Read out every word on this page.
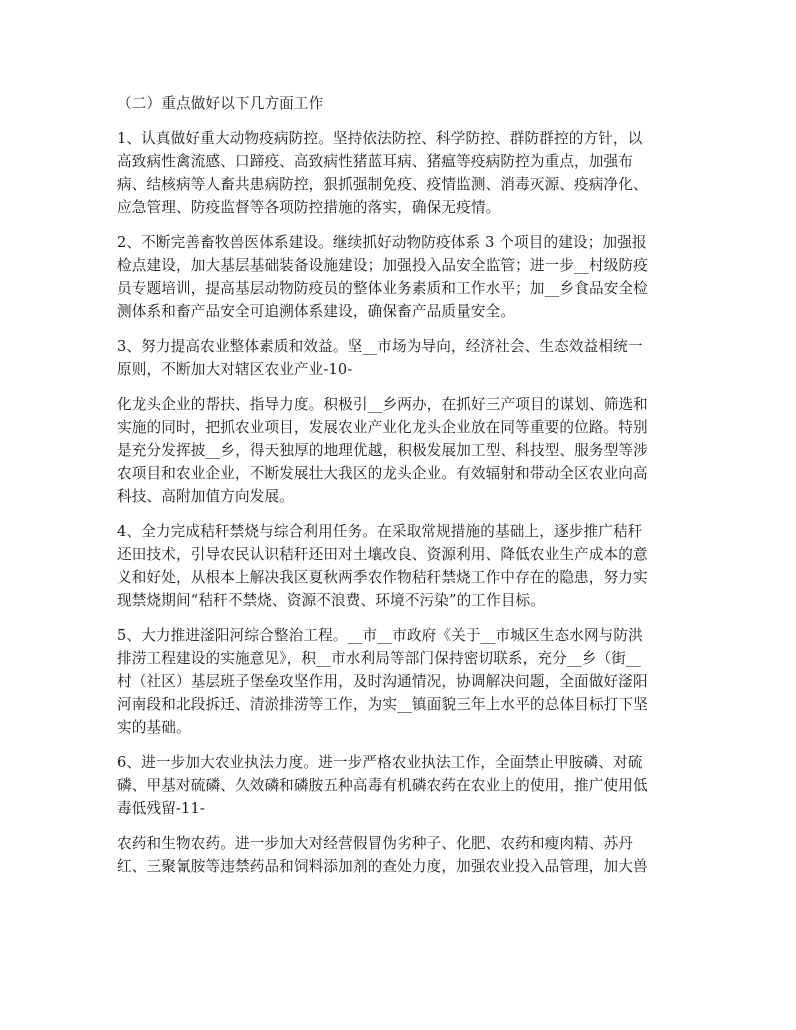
（二）重点做好以下几方面工作
1、认真做好重大动物疫病防控。坚持依法防控、科学防控、群防群控的方针，以
高致病性禽流感、口蹄疫、高致病性猪蓝耳病、猪瘟等疫病防控为重点，加强布
病、结核病等人畜共患病防控，狠抓强制免疫、疫情监测、消毒灭源、疫病净化、
应急管理、防疫监督等各项防控措施的落实，确保无疫情。
2、不断完善畜牧兽医体系建设。继续抓好动物防疫体系 3 个项目的建设；加强报
检点建设，加大基层基础装备设施建设；加强投入品安全监管；进一步__村级防疫
员专题培训，提高基层动物防疫员的整体业务素质和工作水平；加__乡食品安全检
测体系和畜产品安全可追溯体系建设，确保畜产品质量安全。
3、努力提高农业整体素质和效益。坚__市场为导向，经济社会、生态效益相统一
原则，不断加大对辖区农业产业-10-
化龙头企业的帮扶、指导力度。积极引__乡两办，在抓好三产项目的谋划、筛选和
实施的同时，把抓农业项目，发展农业产业化龙头企业放在同等重要的位路。特别
是充分发挥披__乡，得天独厚的地理优越，积极发展加工型、科技型、服务型等涉
农项目和农业企业，不断发展壮大我区的龙头企业。有效辐射和带动全区农业向高
科技、高附加值方向发展。
4、全力完成秸秆禁烧与综合利用任务。在采取常规措施的基础上，逐步推广秸秆
还田技术，引导农民认识秸秆还田对土壤改良、资源利用、降低农业生产成本的意
义和好处，从根本上解决我区夏秋两季农作物秸秆禁烧工作中存在的隐患，努力实
现禁烧期间“秸秆不禁烧、资源不浪费、环境不污染”的工作目标。
5、大力推进滏阳河综合整治工程。__市__市政府《关于__市城区生态水网与防洪
排涝工程建设的实施意见》，积__市水利局等部门保持密切联系，充分__乡（街__
村（社区）基层班子堡垒攻坚作用，及时沟通情况，协调解决问题，全面做好滏阳
河南段和北段拆迁、清淤排涝等工作，为实__镇面貌三年上水平的总体目标打下坚
实的基础。
6、进一步加大农业执法力度。进一步严格农业执法工作，全面禁止甲胺磷、对硫
磷、甲基对硫磷、久效磷和磷胺五种高毒有机磷农药在农业上的使用，推广使用低
毒低残留-11-
农药和生物农药。进一步加大对经营假冒伪劣种子、化肥、农药和瘦肉精、苏丹
红、三聚氰胺等违禁药品和饲料添加剂的查处力度，加强农业投入品管理，加大兽
